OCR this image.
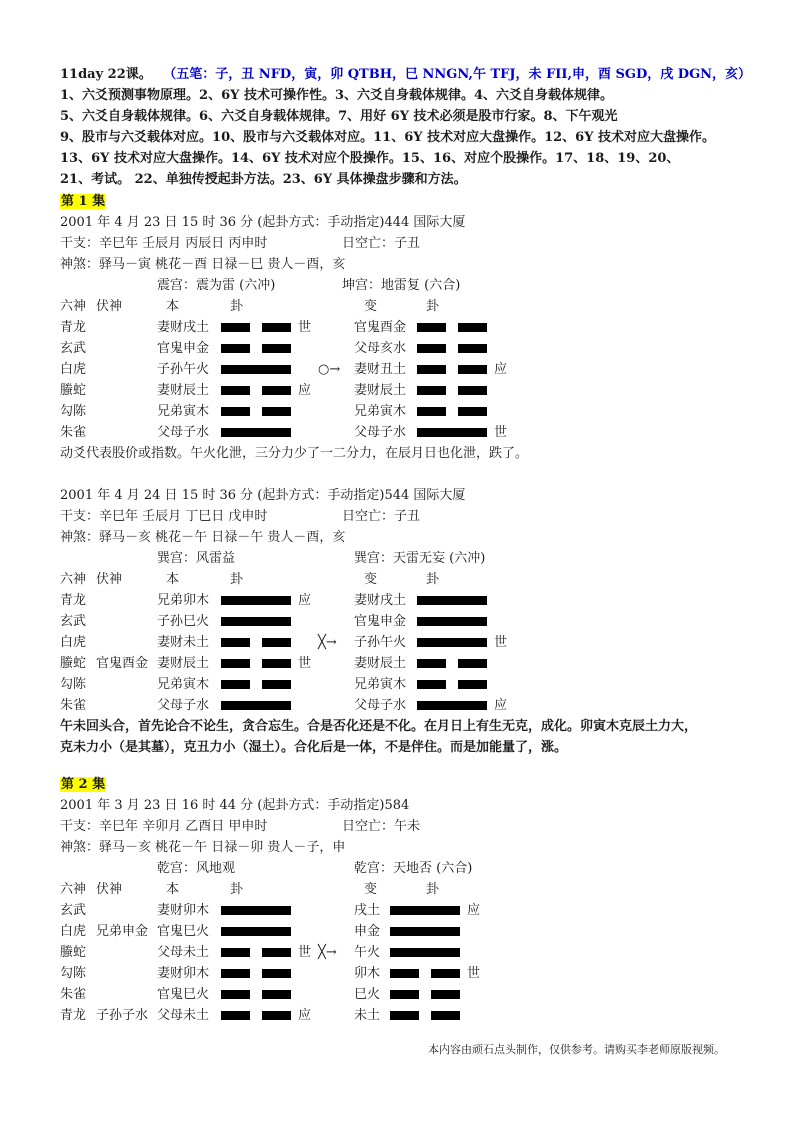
11day 22课。 （五笔：子，丑 NFD，寅，卯 QTBH，巳 NNGN,午 TFJ，未 FII,申，酉 SGD，戌 DGN，亥）
1、六爻预测事物原理。2、6Y 技术可操作性。3、六爻自身载体规律。4、六爻自身载体规律。
5、六爻自身载体规律。6、六爻自身载体规律。7、用好 6Y 技术必须是股市行家。8、下午观光
9、股市与六爻载体对应。10、股市与六爻载体对应。11、6Y 技术对应大盘操作。12、6Y 技术对应大盘操作。
13、6Y 技术对应大盘操作。14、6Y 技术对应个股操作。15、16、对应个股操作。17、18、19、20、
21、考试。 22、单独传授起卦方法。23、6Y 具体操盘步骤和方法。
第 1 集
2001 年 4 月 23 日 15 时 36 分 (起卦方式：手动指定)444 国际大厦
干支：辛巳年 壬辰月 丙辰日 丙申时	日空亡：子丑
神煞：驿马－寅 桃花－酉 日禄－巳 贵人－酉，亥
震宫：震为雷 (六冲)	坤宫：地雷复 (六合)
六神 伏神	本	卦	变	卦
青龙	妻财戌土	世	官鬼酉金
玄武	官鬼申金	父母亥水
白虎	子孙午火	○→ 妻财丑土	应
螣蛇	妻财辰土	应	妻财辰土
勾陈	兄弟寅木	兄弟寅木
朱雀	父母子水	父母子水	世
动爻代表股价或指数。午火化泄，三分力少了一二分力，在辰月日也化泄，跌了。
2001 年 4 月 24 日 15 时 36 分 (起卦方式：手动指定)544 国际大厦
干支：辛巳年 壬辰月 丁巳日 戊申时	日空亡：子丑
神煞：驿马－亥 桃花－午 日禄－午 贵人－酉，亥
巽宫：风雷益	巽宫：天雷无妄 (六冲)
六神 伏神	本	卦	变	卦
青龙	兄弟卯木	应	妻财戌土
玄武	子孙巳火	官鬼申金
白虎	妻财未土	╳→ 子孙午火	世
螣蛇 官鬼酉金 妻财辰土	世	妻财辰土
勾陈	兄弟寅木	兄弟寅木
朱雀	父母子水	父母子水	应
午未回头合，首先论合不论生，贪合忘生。合是否化还是不化。在月日上有生无克，成化。卯寅木克辰土力大，
克未力小（是其墓），克丑力小（湿土）。合化后是一体，不是伴住。而是加能量了，涨。
第 2 集
2001 年 3 月 23 日 16 时 44 分 (起卦方式：手动指定)584
干支：辛巳年 辛卯月 乙酉日 甲申时	日空亡：午未
神煞：驿马－亥 桃花－午 日禄－卯 贵人－子，申
乾宫：风地观	乾宫：天地否 (六合)
六神 伏神	本	卦	变	卦
玄武	妻财卯木	戌土	应
白虎 兄弟申金 官鬼巳火	申金
螣蛇	父母未土	世 ╳→ 午火
勾陈	妻财卯木	卯木	世
朱雀	官鬼巳火	巳火
青龙 子孙子水 父母未土	应	未土
本内容由顽石点头制作，仅供参考。请购买李老师原版视频。
